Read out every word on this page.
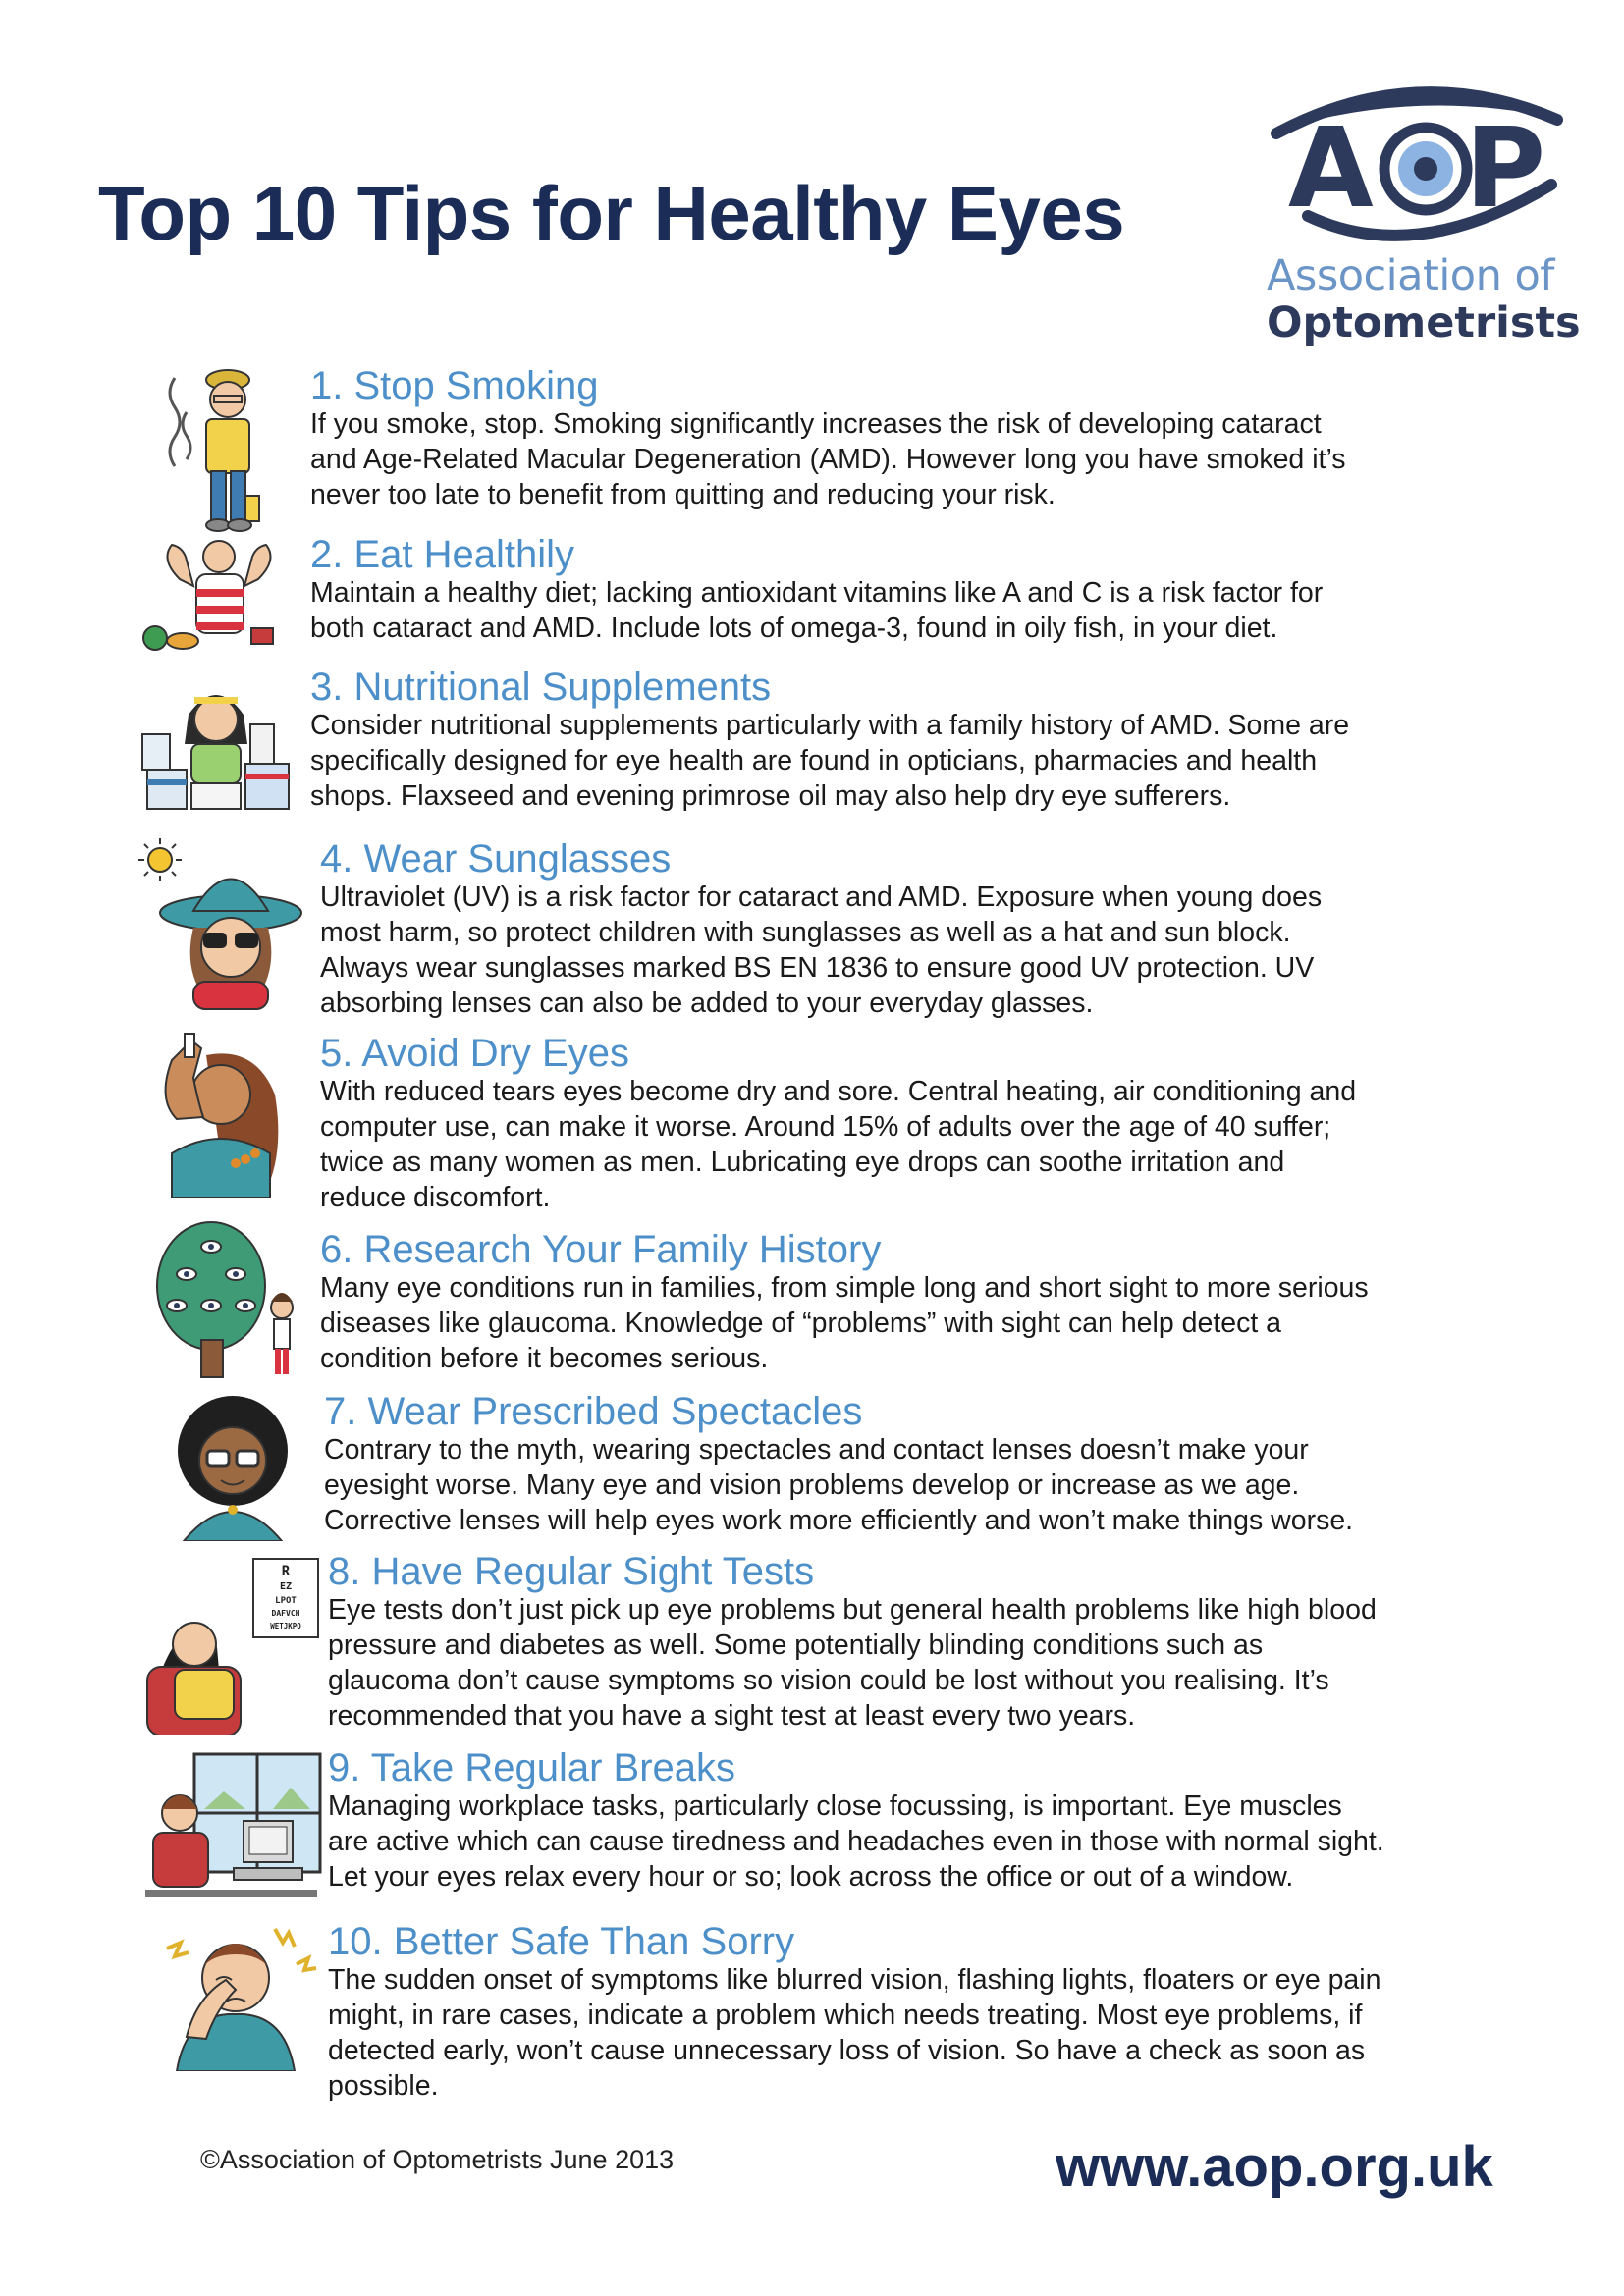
Top 10 Tips for Healthy Eyes A P
Association of
Optometrists
1. Stop Smoking

If you smoke, stop. Smoking significantly increases the risk of developing cataract
and Age-Related Macular Degeneration (AMD). However long you have smoked it’s
never too late to benefit from quitting and reducing your risk.

2. Eat Healthily

Maintain a healthy diet; lacking antioxidant vitamins like A and C is a risk factor for
both cataract and AMD. Include lots of omega-3, found in oily fish, in your diet.

3. Nutritional Supplements

Consider nutritional supplements particularly with a family history of AMD. Some are
specifically designed for eye health are found in opticians, pharmacies and health
shops. Flaxseed and evening primrose oil may also help dry eye sufferers.

4. Wear Sunglasses

Ultraviolet (UV) is a risk factor for cataract and AMD. Exposure when young does
most harm, so protect children with sunglasses as well as a hat and sun block.
Always wear sunglasses marked BS EN 1836 to ensure good UV protection. UV
absorbing lenses can also be added to your everyday glasses.

5. Avoid Dry Eyes

With reduced tears eyes become dry and sore. Central heating, air conditioning and
computer use, can make it worse. Around 15% of adults over the age of 40 suffer;
twice as many women as men. Lubricating eye drops can soothe irritation and
reduce discomfort.

6. Research Your Family History

Many eye conditions run in families, from simple long and short sight to more serious
diseases like glaucoma. Knowledge of “problems” with sight can help detect a
condition before it becomes serious.

7. Wear Prescribed Spectacles

Contrary to the myth, wearing spectacles and contact lenses doesn’t make your
eyesight worse. Many eye and vision problems develop or increase as we age.
Corrective lenses will help eyes work more efficiently and won’t make things worse.

R
EZ
LPOT
DAFVCH
WETJKPO
8. Have Regular Sight Tests

Eye tests don’t just pick up eye problems but general health problems like high blood
pressure and diabetes as well. Some potentially blinding conditions such as
glaucoma don’t cause symptoms so vision could be lost without you realising. It’s
recommended that you have a sight test at least every two years.

9. Take Regular Breaks

Managing workplace tasks, particularly close focussing, is important. Eye muscles
are active which can cause tiredness and headaches even in those with normal sight.
Let your eyes relax every hour or so; look across the office or out of a window.

10. Better Safe Than Sorry

The sudden onset of symptoms like blurred vision, flashing lights, floaters or eye pain
might, in rare cases, indicate a problem which needs treating. Most eye problems, if
detected early, won’t cause unnecessary loss of vision. So have a check as soon as
possible.

©Association of Optometrists June 2013	www.aop.org.uk
